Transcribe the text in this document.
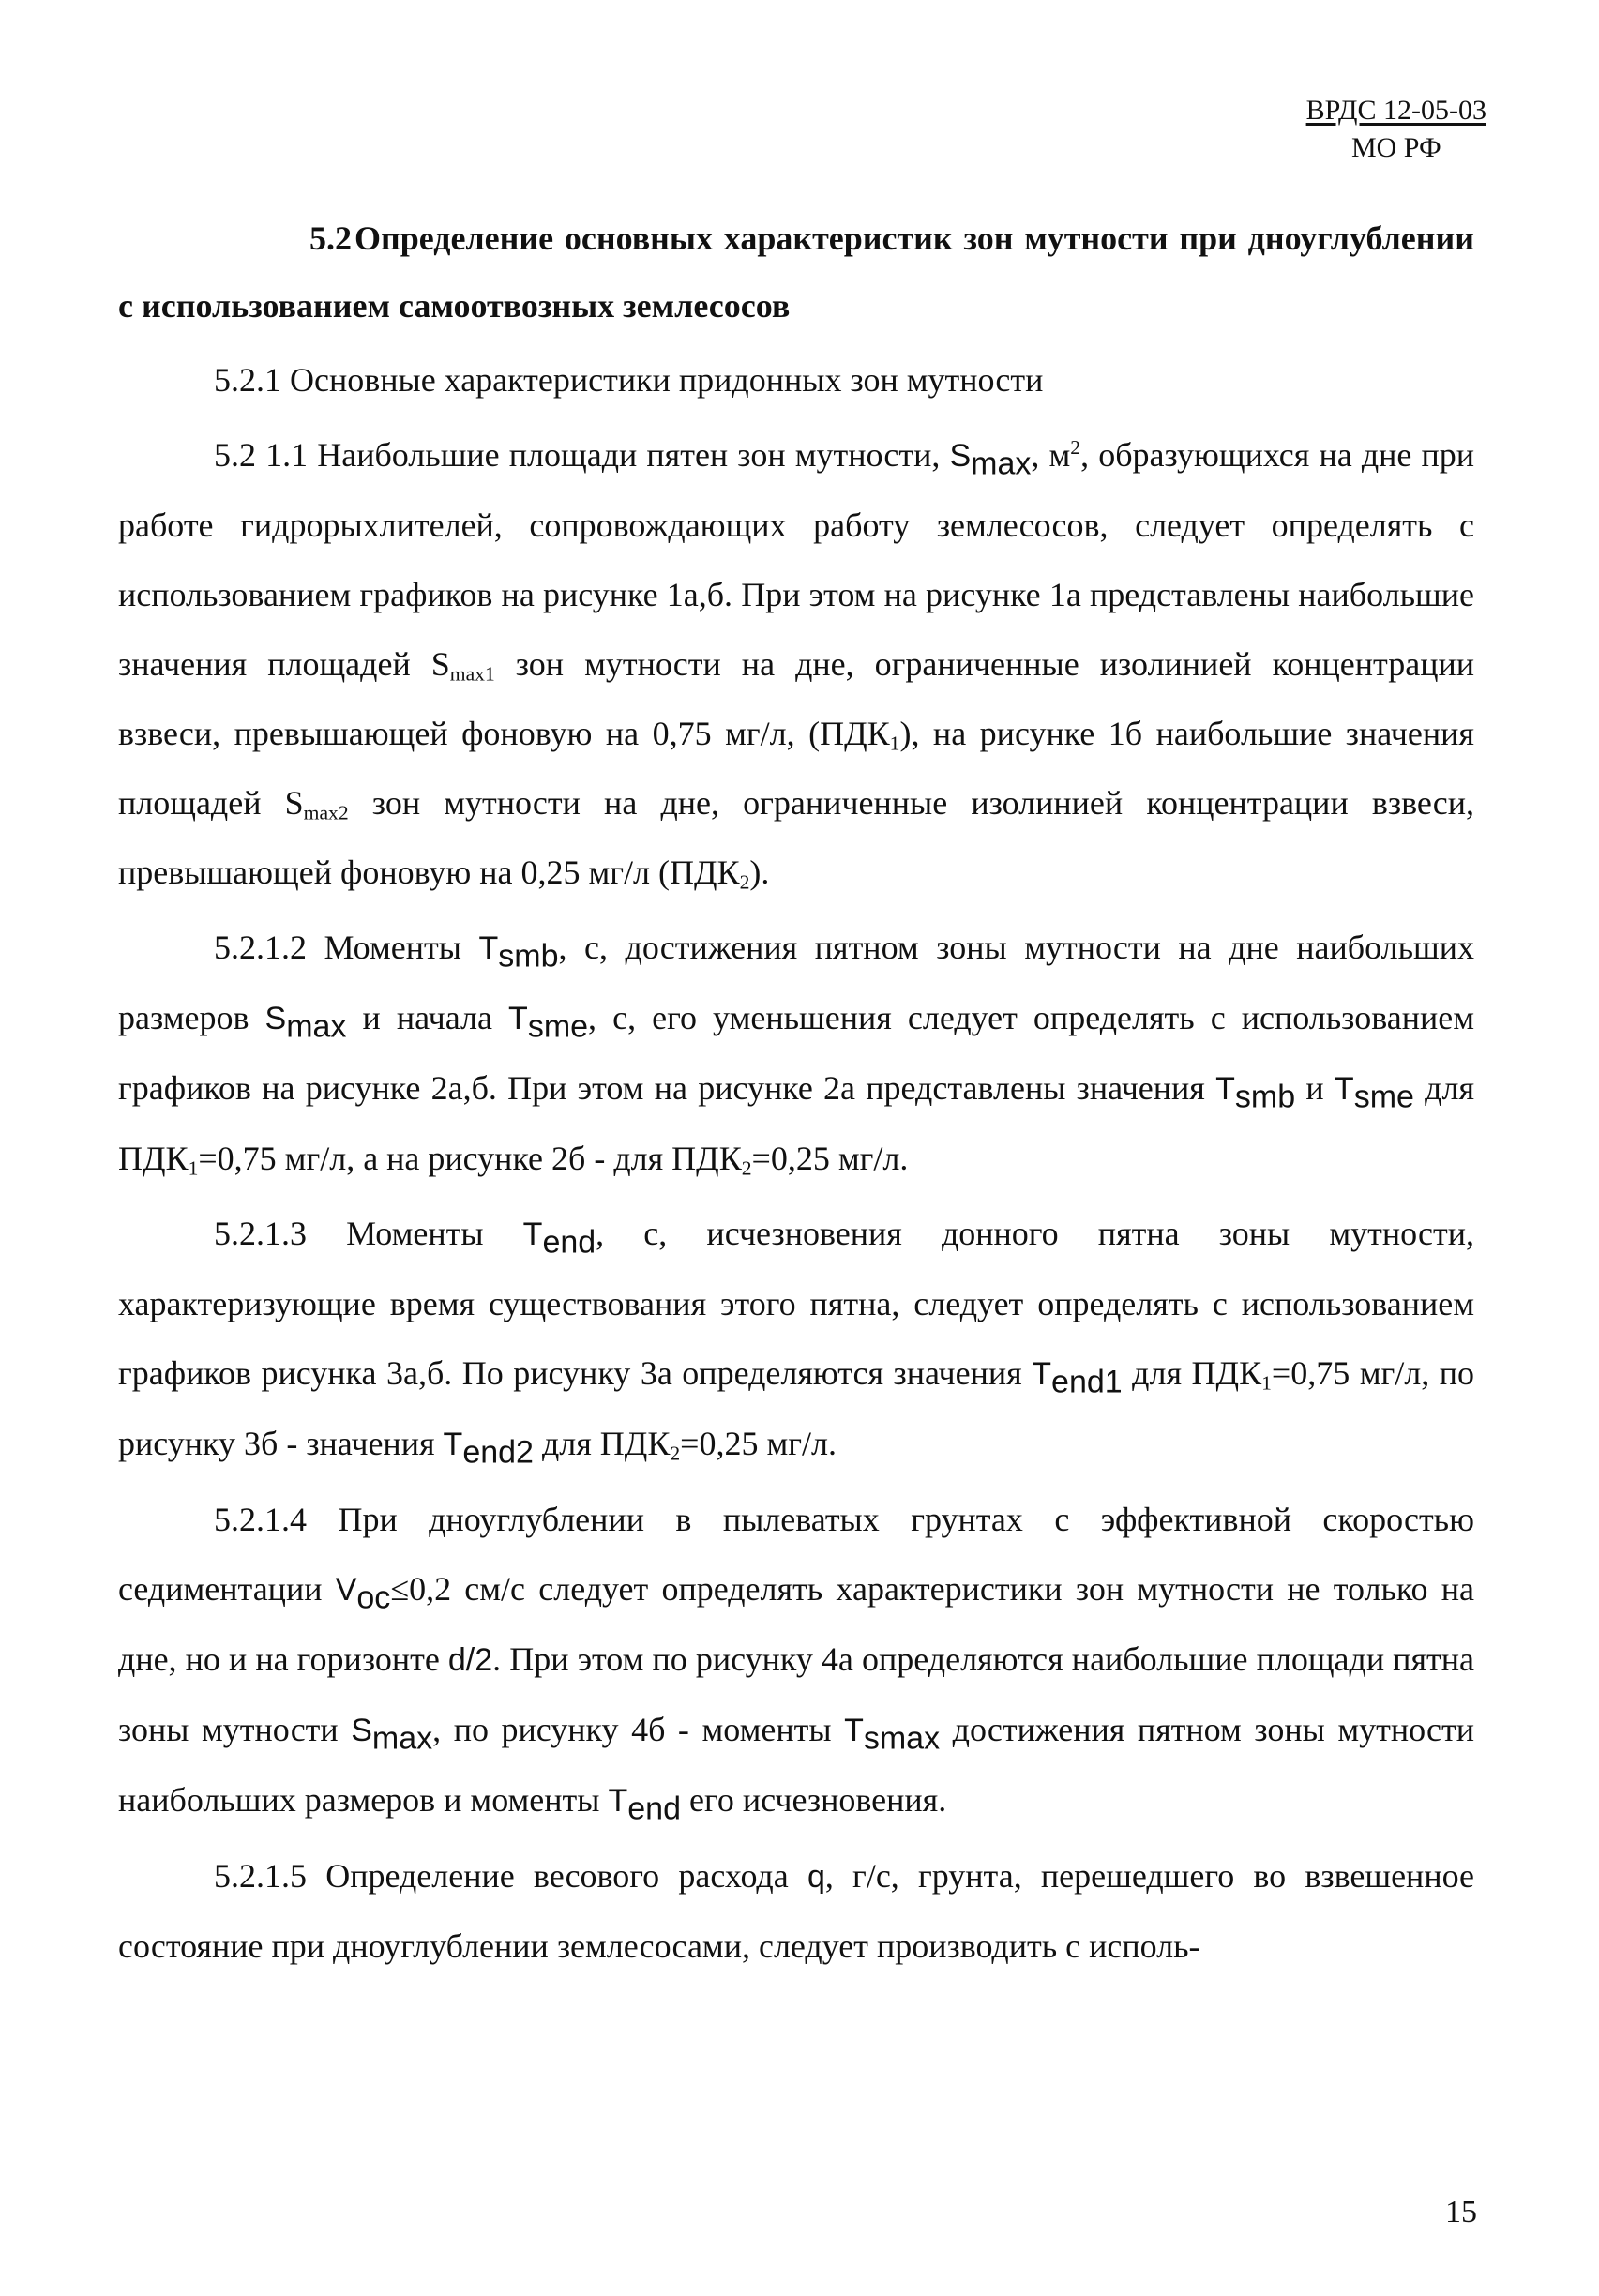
ВРДС 12-05-03
МО РФ

5.2Определение основных характеристик зон мутности при дноуглублении с использованием самоотвозных землесосов

5.2.1 Основные характеристики придонных зон мутности

5.2 1.1 Наибольшие площади пятен зон мутности, $S_{max}$, $м^2$, образующихся на дне при работе гидрорыхлителей, сопровождающих работу землесосов, следует определять с использованием графиков на рисунке 1а,б. При этом на рисунке 1а представлены наибольшие значения площадей $S_{max1}$ зон мутности на дне, ограниченные изолинией концентрации взвеси, превышающей фоновую на 0,75 мг/л, $(ПДК_1)$, на рисунке 1б наибольшие значения площадей $S_{max2}$ зон мутности на дне, ограниченные изолинией концентрации взвеси, превышающей фоновую на 0,25 мг/л $(ПДК_2)$.

5.2.1.2 Моменты $T_{smb}$, с, достижения пятном зоны мутности на дне наибольших размеров $S_{max}$ и начала $T_{sme}$, с, его уменьшения следует определять с использованием графиков на рисунке 2а,б. При этом на рисунке 2а представлены значения $T_{smb}$ и $T_{sme}$ для $ПДК_1=0,75$ мг/л, а на рисунке 2б - для $ПДК_2=0,25$ мг/л.

5.2.1.3 Моменты $T_{end}$, с, исчезновения донного пятна зоны мутности, характеризующие время существования этого пятна, следует определять с использованием графиков рисунка 3а,б. По рисунку 3а определяются значения $T_{end1}$ для $ПДК_1=0,75$ мг/л, по рисунку 3б - значения $T_{end2}$ для $ПДК_2=0,25$ мг/л.

5.2.1.4 При дноуглублении в пылеватых грунтах с эффективной скоростью седиментации $V_{oc}\le 0,2$ см/с следует определять характеристики зон мутности не только на дне, но и на горизонте d/2. При этом по рисунку 4а определяются наибольшие площади пятна зоны мутности $S_{max}$, по рисунку 4б - моменты $T_{smax}$ достижения пятном зоны мутности наибольших размеров и моменты $T_{end}$ его исчезновения.

5.2.1.5 Определение весового расхода q, г/с, грунта, перешедшего во взвешенное состояние при дноуглублении землесосами, следует производить с исполь-

15
